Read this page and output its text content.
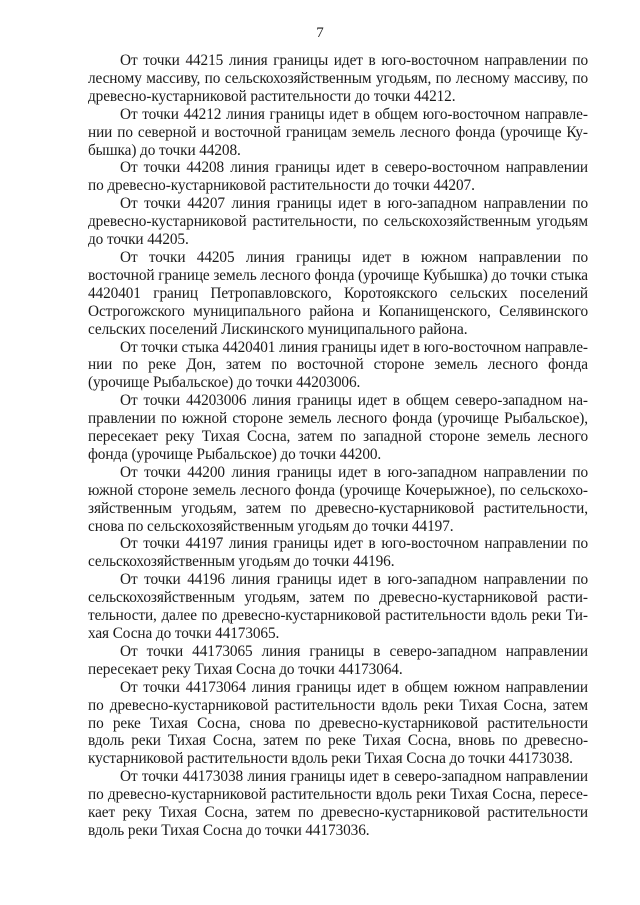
7

От точки 44215 линия границы идет в юго-восточном направлении по лесному массиву, по сельскохозяйственным угодьям, по лесному массиву, по древесно-кустарниковой растительности до точки 44212.

От точки 44212 линия границы идет в общем юго-восточном направлении по северной и восточной границам земель лесного фонда (урочище Кубышка) до точки 44208.

От точки 44208 линия границы идет в северо-восточном направлении по древесно-кустарниковой растительности до точки 44207.

От точки 44207 линия границы идет в юго-западном направлении по древесно-кустарниковой растительности, по сельскохозяйственным угодьям до точки 44205.

От точки 44205 линия границы идет в южном направлении по восточной границе земель лесного фонда (урочище Кубышка) до точки стыка 4420401 границ Петропавловского, Коротоякского сельских поселений Острогожского муниципального района и Копанищенского, Селявинского сельских поселений Лискинского муниципального района.

От точки стыка 4420401 линия границы идет в юго-восточном направлении по реке Дон, затем по восточной стороне земель лесного фонда (урочище Рыбальское) до точки 44203006.

От точки 44203006 линия границы идет в общем северо-западном направлении по южной стороне земель лесного фонда (урочище Рыбальское), пересекает реку Тихая Сосна, затем по западной стороне земель лесного фонда (урочище Рыбальское) до точки 44200.

От точки 44200 линия границы идет в юго-западном направлении по южной стороне земель лесного фонда (урочище Кочерыжное), по сельскохозяйственным угодьям, затем по древесно-кустарниковой растительности, снова по сельскохозяйственным угодьям до точки 44197.

От точки 44197 линия границы идет в юго-восточном направлении по сельскохозяйственным угодьям до точки 44196.

От точки 44196 линия границы идет в юго-западном направлении по сельскохозяйственным угодьям, затем по древесно-кустарниковой растительности, далее по древесно-кустарниковой растительности вдоль реки Тихая Сосна до точки 44173065.

От точки 44173065 линия границы в северо-западном направлении пересекает реку Тихая Сосна до точки 44173064.

От точки 44173064 линия границы идет в общем южном направлении по древесно-кустарниковой растительности вдоль реки Тихая Сосна, затем по реке Тихая Сосна, снова по древесно-кустарниковой растительности вдоль реки Тихая Сосна, затем по реке Тихая Сосна, вновь по древесно-кустарниковой растительности вдоль реки Тихая Сосна до точки 44173038.

От точки 44173038 линия границы идет в северо-западном направлении по древесно-кустарниковой растительности вдоль реки Тихая Сосна, пересекает реку Тихая Сосна, затем по древесно-кустарниковой растительности вдоль реки Тихая Сосна до точки 44173036.
